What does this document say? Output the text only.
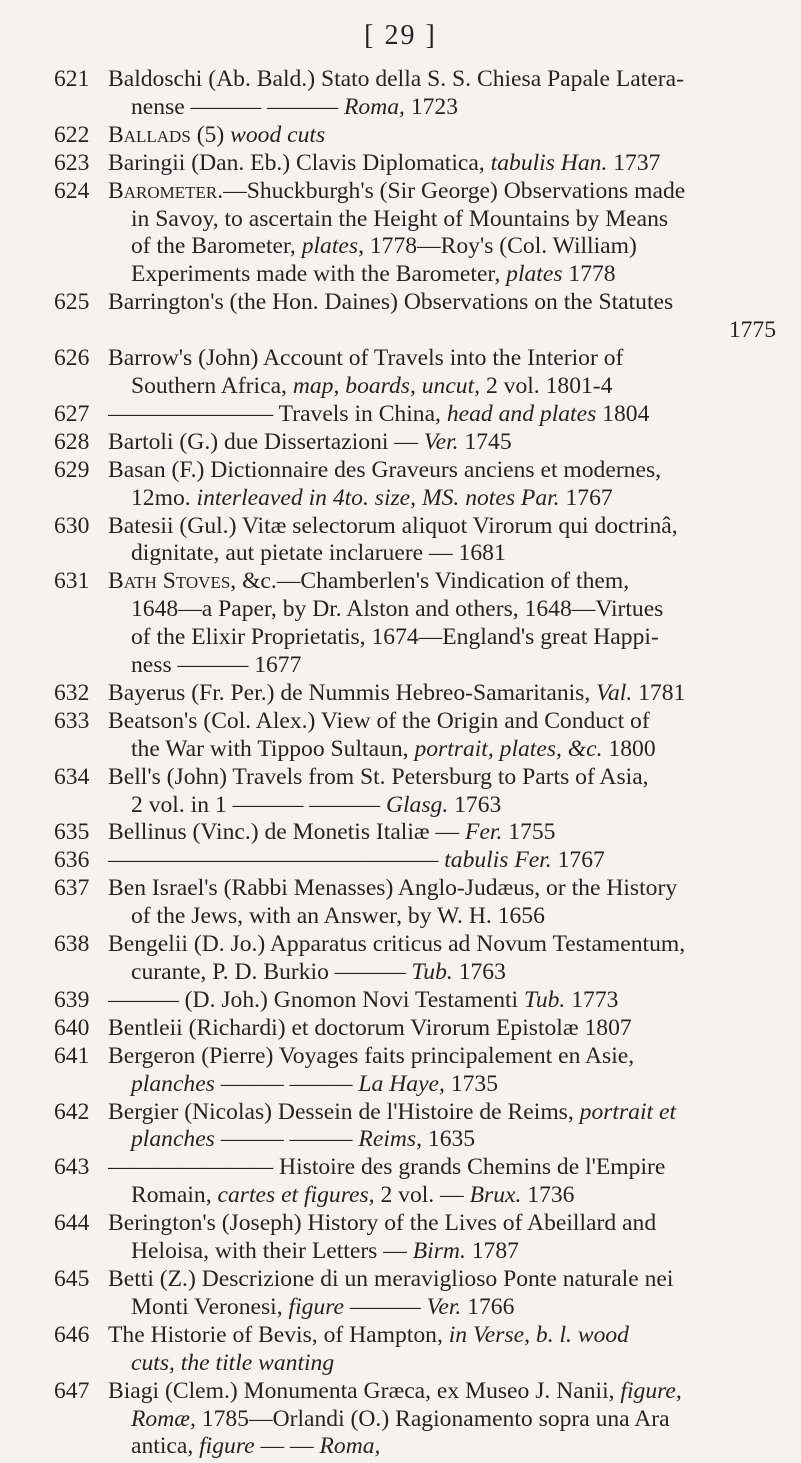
[ 29 ]
621 Baldoschi (Ab. Bald.) Stato della S. S. Chiesa Papale Latera-
nense ——— ——— Roma, 1723
622 Ballads (5) wood cuts
623 Baringii (Dan. Eb.) Clavis Diplomatica, tabulis Han. 1737
624 Barometer.—Shuckburgh's (Sir George) Observations made
in Savoy, to ascertain the Height of Mountains by Means
of the Barometer, plates, 1778—Roy's (Col. William)
Experiments made with the Barometer, plates 1778
625 Barrington's (the Hon. Daines) Observations on the Statutes
1775
626 Barrow's (John) Account of Travels into the Interior of
Southern Africa, map, boards, uncut, 2 vol. 1801-4
627 ——————— Travels in China, head and plates 1804
628 Bartoli (G.) due Dissertazioni — Ver. 1745
629 Basan (F.) Dictionnaire des Graveurs anciens et modernes,
12mo. interleaved in 4to. size, MS. notes Par. 1767
630 Batesii (Gul.) Vitæ selectorum aliquot Virorum qui doctrinâ,
dignitate, aut pietate inclaruere — 1681
631 Bath Stoves, &c.—Chamberlen's Vindication of them,
1648—a Paper, by Dr. Alston and others, 1648—Virtues
of the Elixir Proprietatis, 1674—England's great Happi-
ness ——— 1677
632 Bayerus (Fr. Per.) de Nummis Hebreo-Samaritanis, Val. 1781
633 Beatson's (Col. Alex.) View of the Origin and Conduct of
the War with Tippoo Sultaun, portrait, plates, &c. 1800
634 Bell's (John) Travels from St. Petersburg to Parts of Asia,
2 vol. in 1 ——— ——— Glasg. 1763
635 Bellinus (Vinc.) de Monetis Italiæ — Fer. 1755
636 —————————————— tabulis Fer. 1767
637 Ben Israel's (Rabbi Menasses) Anglo-Judæus, or the History
of the Jews, with an Answer, by W. H. 1656
638 Bengelii (D. Jo.) Apparatus criticus ad Novum Testamentum,
curante, P. D. Burkio ——— Tub. 1763
639 ——— (D. Joh.) Gnomon Novi Testamenti Tub. 1773
640 Bentleii (Richardi) et doctorum Virorum Epistolæ 1807
641 Bergeron (Pierre) Voyages faits principalement en Asie,
planches ——— ——— La Haye, 1735
642 Bergier (Nicolas) Dessein de l'Histoire de Reims, portrait et
planches ——— ——— Reims, 1635
643 ——————— Histoire des grands Chemins de l'Empire
Romain, cartes et figures, 2 vol. — Brux. 1736
644 Berington's (Joseph) History of the Lives of Abeillard and
Heloisa, with their Letters — Birm. 1787
645 Betti (Z.) Descrizione di un meraviglioso Ponte naturale nei
Monti Veronesi, figure ——— Ver. 1766
646 The Historie of Bevis, of Hampton, in Verse, b. l. wood
cuts, the title wanting
647 Biagi (Clem.) Monumenta Græca, ex Museo J. Nanii, figure,
Romæ, 1785—Orlandi (O.) Ragionamento sopra una Ara
antica, figure — — Roma,
